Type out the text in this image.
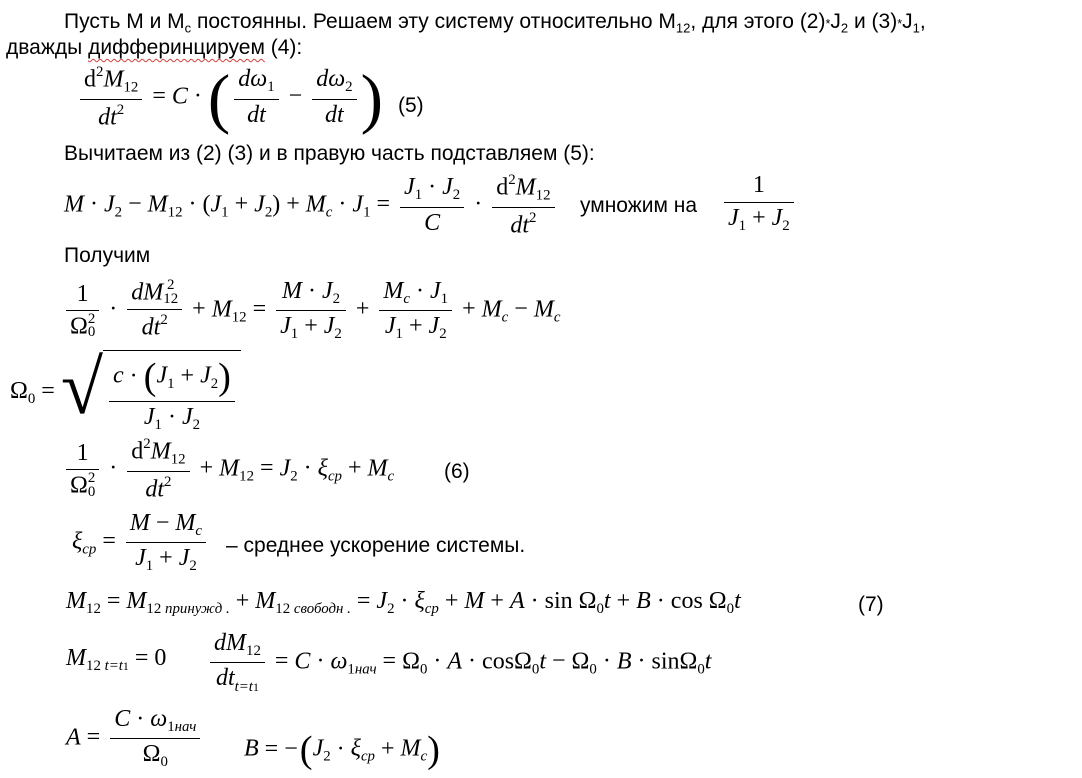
Пусть М и $М_с$ постоянны. Решаем эту систему относительно $М_{12}$, для этого $(2)*J_2$ и $(3)*J_1$,
дважды дифферинцируем (4):
$\frac{d^2M_{12}}{dt^2} = C$ ·( $\frac{d\omega_1}{dt} - \frac{d\omega_2}{dt}$ ) (5)
Вычитаем из (2) (3) и в правую часть подставляем (5):
$M \cdot J_2 - M_{12} \cdot (J_1 + J_2) + M_c \cdot J_1 = \frac{J_1 \cdot J_2}{C} \cdot \frac{d^2M_{12}}{dt^2}$ умножим на $\frac{1}{J_1 + J_2}$
Получим
1
Ω 2
0 · dM 2
12
$dt^2 + M_{12} = \frac{M \cdot J_2}{J_1 + J_2} + \frac{M_c \cdot J_1}{J_1 + J_2} + M_c - M_c$
$\Omega_0$ = √ $\frac{c \cdot (J_1 + J_2)}{J_1 \cdot J_2}$
1
Ω 2
$0 \cdot \frac{d^2M_{12}}{dt^2} + M_{12} = J_2 \cdot \xi_{cp} + M_c$ (6)
$\xi_{cp} = \frac{M - M_c}{J_1 + J_2}$ – среднее ускорение системы.
$M_{12} = M_{12 принужд .} + M_{12 свободн .} = J_2 \cdot \xi_{cp} + M + A \cdot \sin \Omega_0t + B \cdot \cos \Omega_0t$	(7)
$M_{12 t=t1} = 0 \frac{dM_{12}}{dt_{t=t1}} = C \cdot \omega_{1нач} = \Omega_0 \cdot A \cdot \cos\Omega_0t - \Omega_0 \cdot B \cdot \sin\Omega_0t$
$A = \frac{C \cdot \omega_{1нач}}{\Omega_0}$ $B = -(J_2 \cdot \xi_{cp} + M_c)$
